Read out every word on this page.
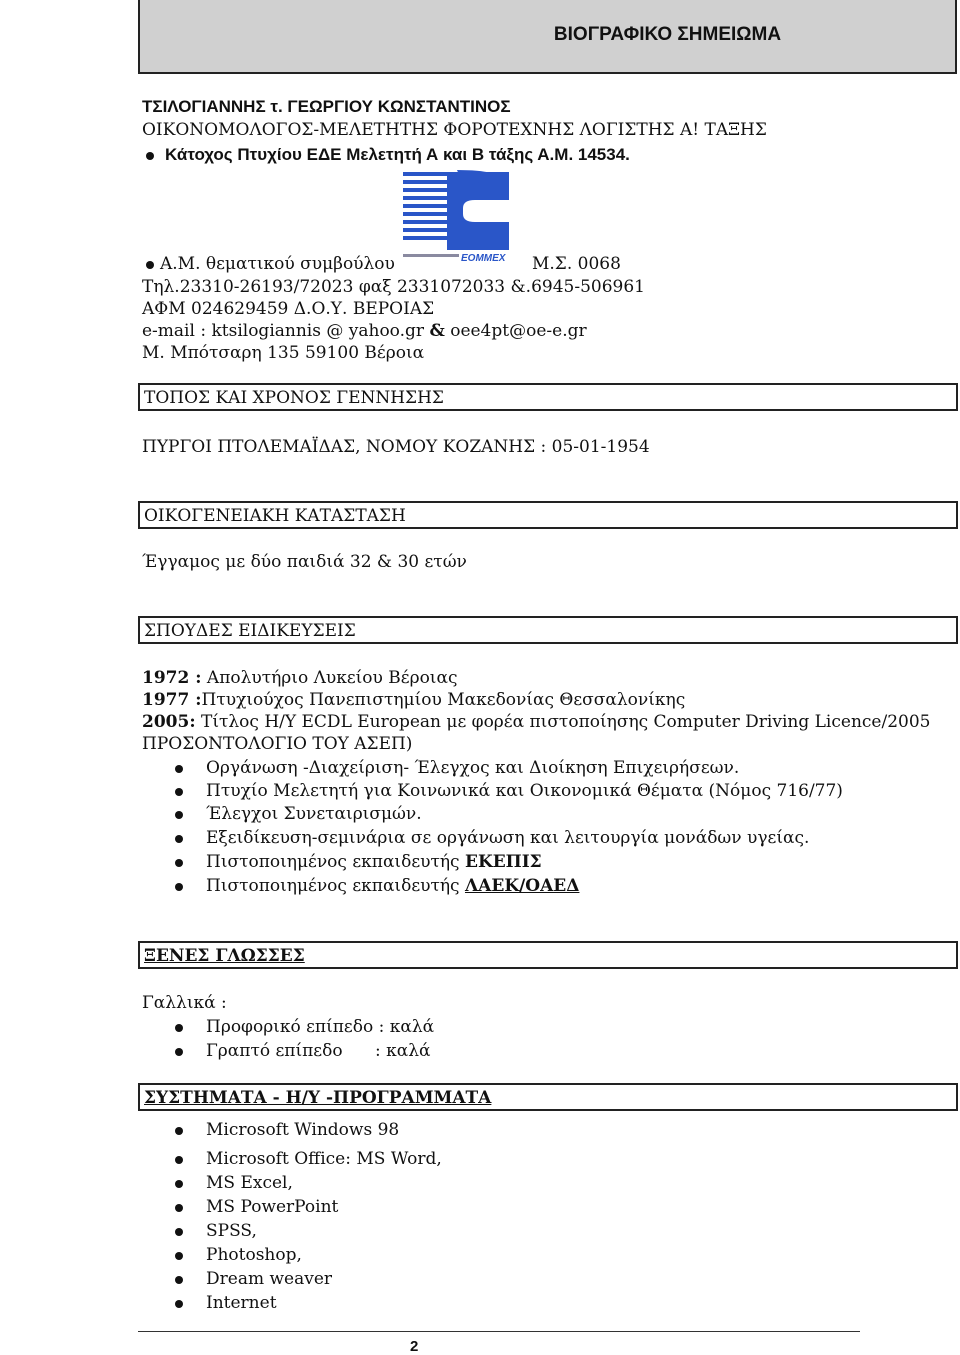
ΒΙΟΓΡΑΦΙΚΟ ΣΗΜΕΙΩΜΑ
ΤΣΙΛΟΓΙΑΝΝΗΣ τ. ΓΕΩΡΓΙΟΥ ΚΩΝΣΤΑΝΤΙΝΟΣ
ΟΙΚΟΝΟΜΟΛΟΓΟΣ-ΜΕΛΕΤΗΤΗΣ ΦΟΡΟΤΕΧΝΗΣ ΛΟΓΙΣΤΗΣ Α! ΤΑΞΗΣ
Κάτοχος Πτυχίου ΕΔΕ Μελετητή Α και Β τάξης Α.Μ. 14534.
EOMMEX
Α.Μ. θεματικού συμβούλου	Μ.Σ. 0068
Τηλ.23310-26193/72023 φαξ 2331072033 &.6945-506961
ΑΦΜ 024629459 Δ.Ο.Υ. ΒΕΡΟΙΑΣ
e-mail : ktsilogiannis @ yahoo.gr & oee4pt@oe-e.gr
Μ. Μπότσαρη 135 59100 Βέροια
ΤΟΠΟΣ ΚΑΙ ΧΡΟΝΟΣ ΓΕΝΝΗΣΗΣ
ΠΥΡΓΟΙ ΠΤΟΛΕΜΑΪΔΑΣ, ΝΟΜΟΥ ΚΟΖΑΝΗΣ : 05-01-1954
ΟΙΚΟΓΕΝΕΙΑΚΗ ΚΑΤΑΣΤΑΣΗ
Έγγαμος με δύο παιδιά 32 & 30 ετών
ΣΠΟΥΔΕΣ ΕΙΔΙΚΕΥΣΕΙΣ
1972 : Απολυτήριο Λυκείου Βέροιας
1977 :Πτυχιούχος Πανεπιστημίου Μακεδονίας Θεσσαλονίκης
2005: Τίτλος Η/Υ ECDL European με φορέα πιστοποίησης Computer Driving Licence/2005
ΠΡΟΣΟΝΤΟΛΟΓΙΟ ΤΟΥ ΑΣΕΠ)
Οργάνωση -Διαχείριση- Έλεγχος και Διοίκηση Επιχειρήσεων.
Πτυχίο Μελετητή για Κοινωνικά και Οικονομικά Θέματα (Νόμος 716/77)
Έλεγχοι Συνεταιρισμών.
Εξειδίκευση-σεμινάρια σε οργάνωση και λειτουργία μονάδων υγείας.
Πιστοποιημένος εκπαιδευτής ΕΚΕΠΙΣ
Πιστοποιημένος εκπαιδευτής ΛΑΕΚ/ΟΑΕΔ
ΞΕΝΕΣ ΓΛΩΣΣΕΣ
Γαλλικά :
Προφορικό επίπεδο : καλά
Γραπτό επίπεδο      : καλά
ΣΥΣΤΗΜΑΤΑ - Η/Υ -ΠΡΟΓΡΑΜΜΑΤΑ
Microsoft Windows 98
Microsoft Office: MS Word,
MS Excel,
MS PowerPoint
SPSS,
Photoshop,
Dream weaver
Internet
2
